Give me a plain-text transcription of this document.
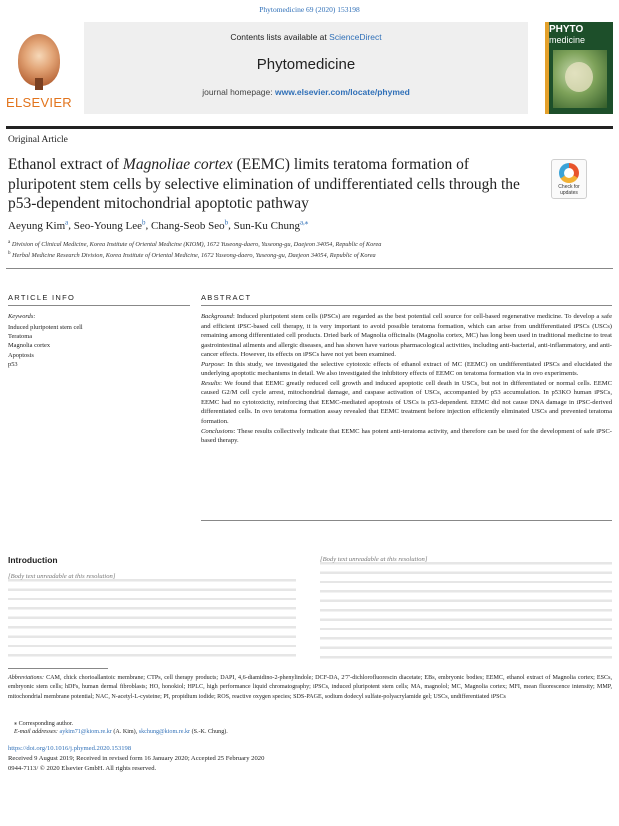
Phytomedicine 69 (2020) 153198
ELSEVIER
Contents lists available at ScienceDirect
Phytomedicine
journal homepage: www.elsevier.com/locate/phymed
PHYTO
medicine
Original Article
Ethanol extract of Magnoliae cortex (EEMC) limits teratoma formation of pluripotent stem cells by selective elimination of undifferentiated cells through the p53-dependent mitochondrial apoptotic pathway
Check for updates
Aeyung Kim$^a$, Seo-Young Lee$^b$, Chang-Seob Seo$^b$, Sun-Ku Chung$^{a,⁎}$
$^a$ Division of Clinical Medicine, Korea Institute of Oriental Medicine (KIOM), 1672 Yuseong-daero, Yuseong-gu, Daejeon 34054, Republic of Korea
$^b$ Herbal Medicine Research Division, Korea Institute of Oriental Medicine, 1672 Yuseong-daero, Yuseong-gu, Daejeon 34054, Republic of Korea
ARTICLE INFO	ABSTRACT
Keywords:
Induced pluripotent stem cell
Teratoma
Magnolia cortex
Apoptosis
p53

Background: Induced pluripotent stem cells (iPSCs) are regarded as the best potential cell source for cell-based regenerative medicine. To develop a safe and efficient iPSC-based cell therapy, it is very important to avoid possible teratoma formation, which can arise from undifferentiated iPSCs (USCs) remaining among differentiated cell products. Dried bark of Magnolia officinalis (Magnolia cortex, MC) has long been used in traditional medicine to treat gastrointestinal ailments and allergic diseases, and has shown have various pharmacological activities, including anti-bacterial, anti-inflammatory, and anti-cancer effects. However, its effects on iPSCs have not yet been examined.

Purpose: In this study, we investigated the selective cytotoxic effects of ethanol extract of MC (EEMC) on undifferentiated iPSCs and elucidated the underlying apoptotic mechanisms in detail. We also investigated the inhibitory effects of EEMC on teratoma formation via in ovo experiments.

Results: We found that EEMC greatly reduced cell growth and induced apoptotic cell death in USCs, but not in differentiated or normal cells. EEMC caused G2/M cell cycle arrest, mitochondrial damage, and caspase activation of USCs, accompanied by p53 accumulation. In p53KO human iPSCs, EEMC had no cytotoxicity, reinforcing that EEMC-mediated apoptosis of USCs is p53-dependent. EEMC did not cause DNA damage in iPSC-derived differentiated cells. In ovo teratoma formation assay revealed that EEMC treatment before injection efficiently eliminated USCs and prevented teratoma formation.

Conclusions: These results collectively indicate that EEMC has potent anti-teratoma activity, and therefore can be used for the development of safe iPSC-based therapy.

Introduction
[Body text unreadable at this resolution]
[Body text unreadable at this resolution]
Abbreviations: CAM, chick chorioallantoic membrane; CTPs, cell therapy products; DAPI, 4,6-diamidino-2-phenylindole; DCF-DA, 2′7′-dichlorofluorescin diacetate; EBs, embryonic bodies; EEMC, ethanol extract of Magnolia cortex; ESCs, embryonic stem cells; hDFs, human dermal fibroblasts; HO, honokiol; HPLC, high performance liquid chromatography; iPSCs, induced pluripotent stem cells; MA, magnolol; MC, Magnolia cortex; MFI, mean fluorescence intensity; MMP, mitochondrial membrane potential; NAC, N-acetyl-L-cysteine; PI, propidium iodide; ROS, reactive oxygen species; SDS-PAGE, sodium dodecyl sulfate-polyacrylamide gel; USCs, undifferentiated iPSCs
⁎ Corresponding author.
E-mail addresses: aykim71@kiom.re.kr (A. Kim), skchung@kiom.re.kr (S.-K. Chung).
https://doi.org/10.1016/j.phymed.2020.153198
Received 9 August 2019; Received in revised form 16 January 2020; Accepted 25 February 2020
0944-7113/ © 2020 Elsevier GmbH. All rights reserved.
